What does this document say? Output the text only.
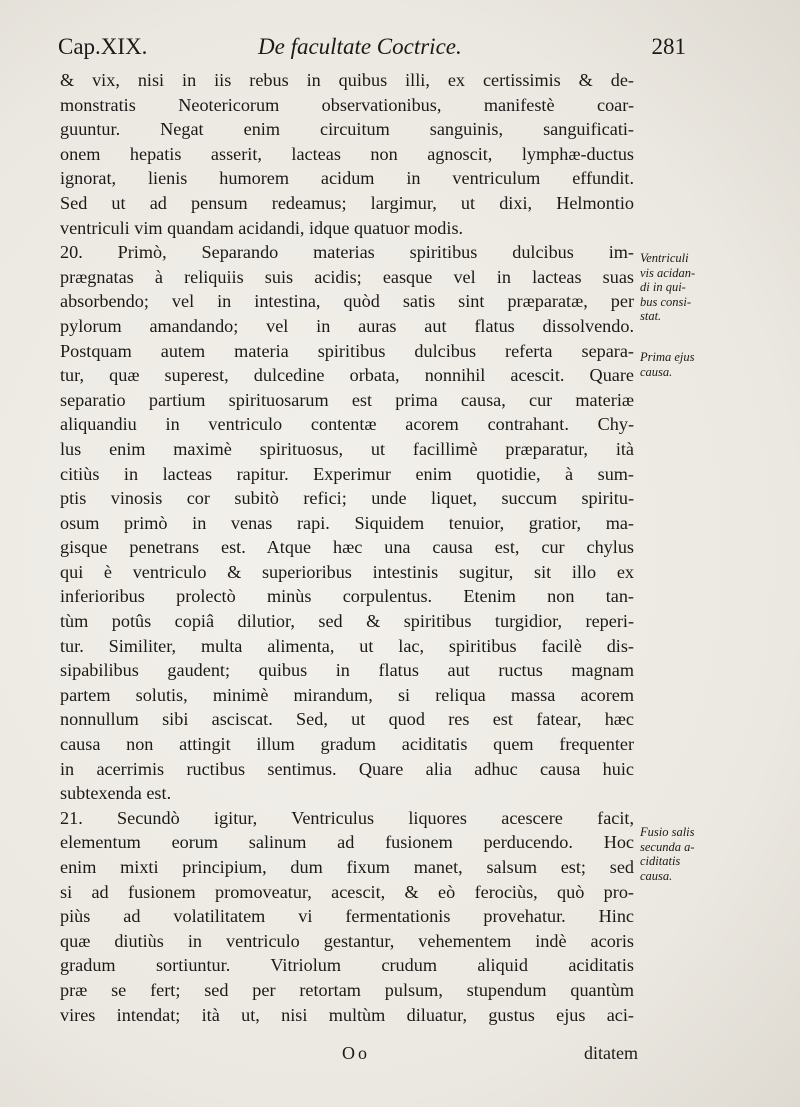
Cap.XIX.	De facultate Coctrice.	281
& vix, nisi in iis rebus in quibus illi, ex certissimis & de-
monstratis Neotericorum observationibus, manifestè coar-
guuntur. Negat enim circuitum sanguinis, sanguificati-
onem hepatis asserit, lacteas non agnoscit, lymphæ-ductus
ignorat, lienis humorem acidum in ventriculum effundit.
Sed ut ad pensum redeamus; largimur, ut dixi, Helmontio
ventriculi vim quandam acidandi, idque quatuor modis.
20. Primò, Separando materias spiritibus dulcibus im-
prægnatas à reliquiis suis acidis; easque vel in lacteas suas
absorbendo; vel in intestina, quòd satis sint præparatæ, per
pylorum amandando; vel in auras aut flatus dissolvendo.
Postquam autem materia spiritibus dulcibus referta separa-
tur, quæ superest, dulcedine orbata, nonnihil acescit. Quare
separatio partium spirituosarum est prima causa, cur materiæ
aliquandiu in ventriculo contentæ acorem contrahant. Chy-
lus enim maximè spirituosus, ut facillimè præparatur, ità
citiùs in lacteas rapitur. Experimur enim quotidie, à sum-
ptis vinosis cor subitò refici; unde liquet, succum spiritu-
osum primò in venas rapi. Siquidem tenuior, gratior, ma-
gisque penetrans est. Atque hæc una causa est, cur chylus
qui è ventriculo & superioribus intestinis sugitur, sit illo ex
inferioribus prolectò minùs corpulentus. Etenim non tan-
tùm potûs copiâ dilutior, sed & spiritibus turgidior, reperi-
tur. Similiter, multa alimenta, ut lac, spiritibus facilè dis-
sipabilibus gaudent; quibus in flatus aut ructus magnam
partem solutis, minimè mirandum, si reliqua massa acorem
nonnullum sibi asciscat. Sed, ut quod res est fatear, hæc
causa non attingit illum gradum aciditatis quem frequenter
in acerrimis ructibus sentimus. Quare alia adhuc causa huic
subtexenda est.
21. Secundò igitur, Ventriculus liquores acescere facit,
elementum eorum salinum ad fusionem perducendo. Hoc
enim mixti principium, dum fixum manet, salsum est; sed
si ad fusionem promoveatur, acescit, & eò ferociùs, quò pro-
piùs ad volatilitatem vi fermentationis provehatur. Hinc
quæ diutiùs in ventriculo gestantur, vehementem indè acoris
gradum sortiuntur. Vitriolum crudum aliquid aciditatis
præ se fert; sed per retortam pulsum, stupendum quantùm
vires intendat; ità ut, nisi multùm diluatur, gustus ejus aci-
Ventriculi
vis acidan-
di in qui-
bus consi-
stat.
Prima ejus
causa.
Fusio salis
secunda a-
ciditatis
causa.

Oo	ditatem
